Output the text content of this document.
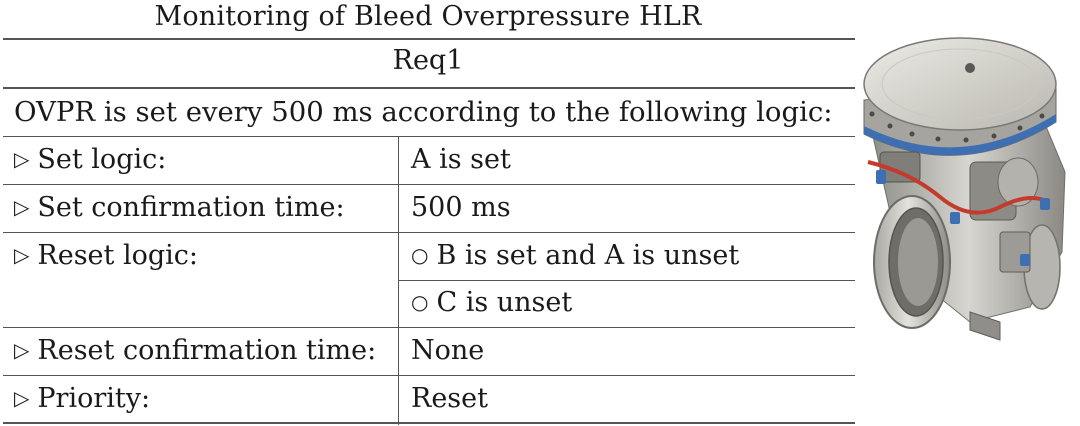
Monitoring of Bleed Overpressure HLR
Req1
OVPR is set every 500 ms according to the following logic:
▷ Set logic:	A is set
▷ Set confirmation time: 500 ms
▷ Reset logic:	○ B is set and A is unset
○ C is unset
▷ Reset confirmation time: None
▷ Priority:	Reset
